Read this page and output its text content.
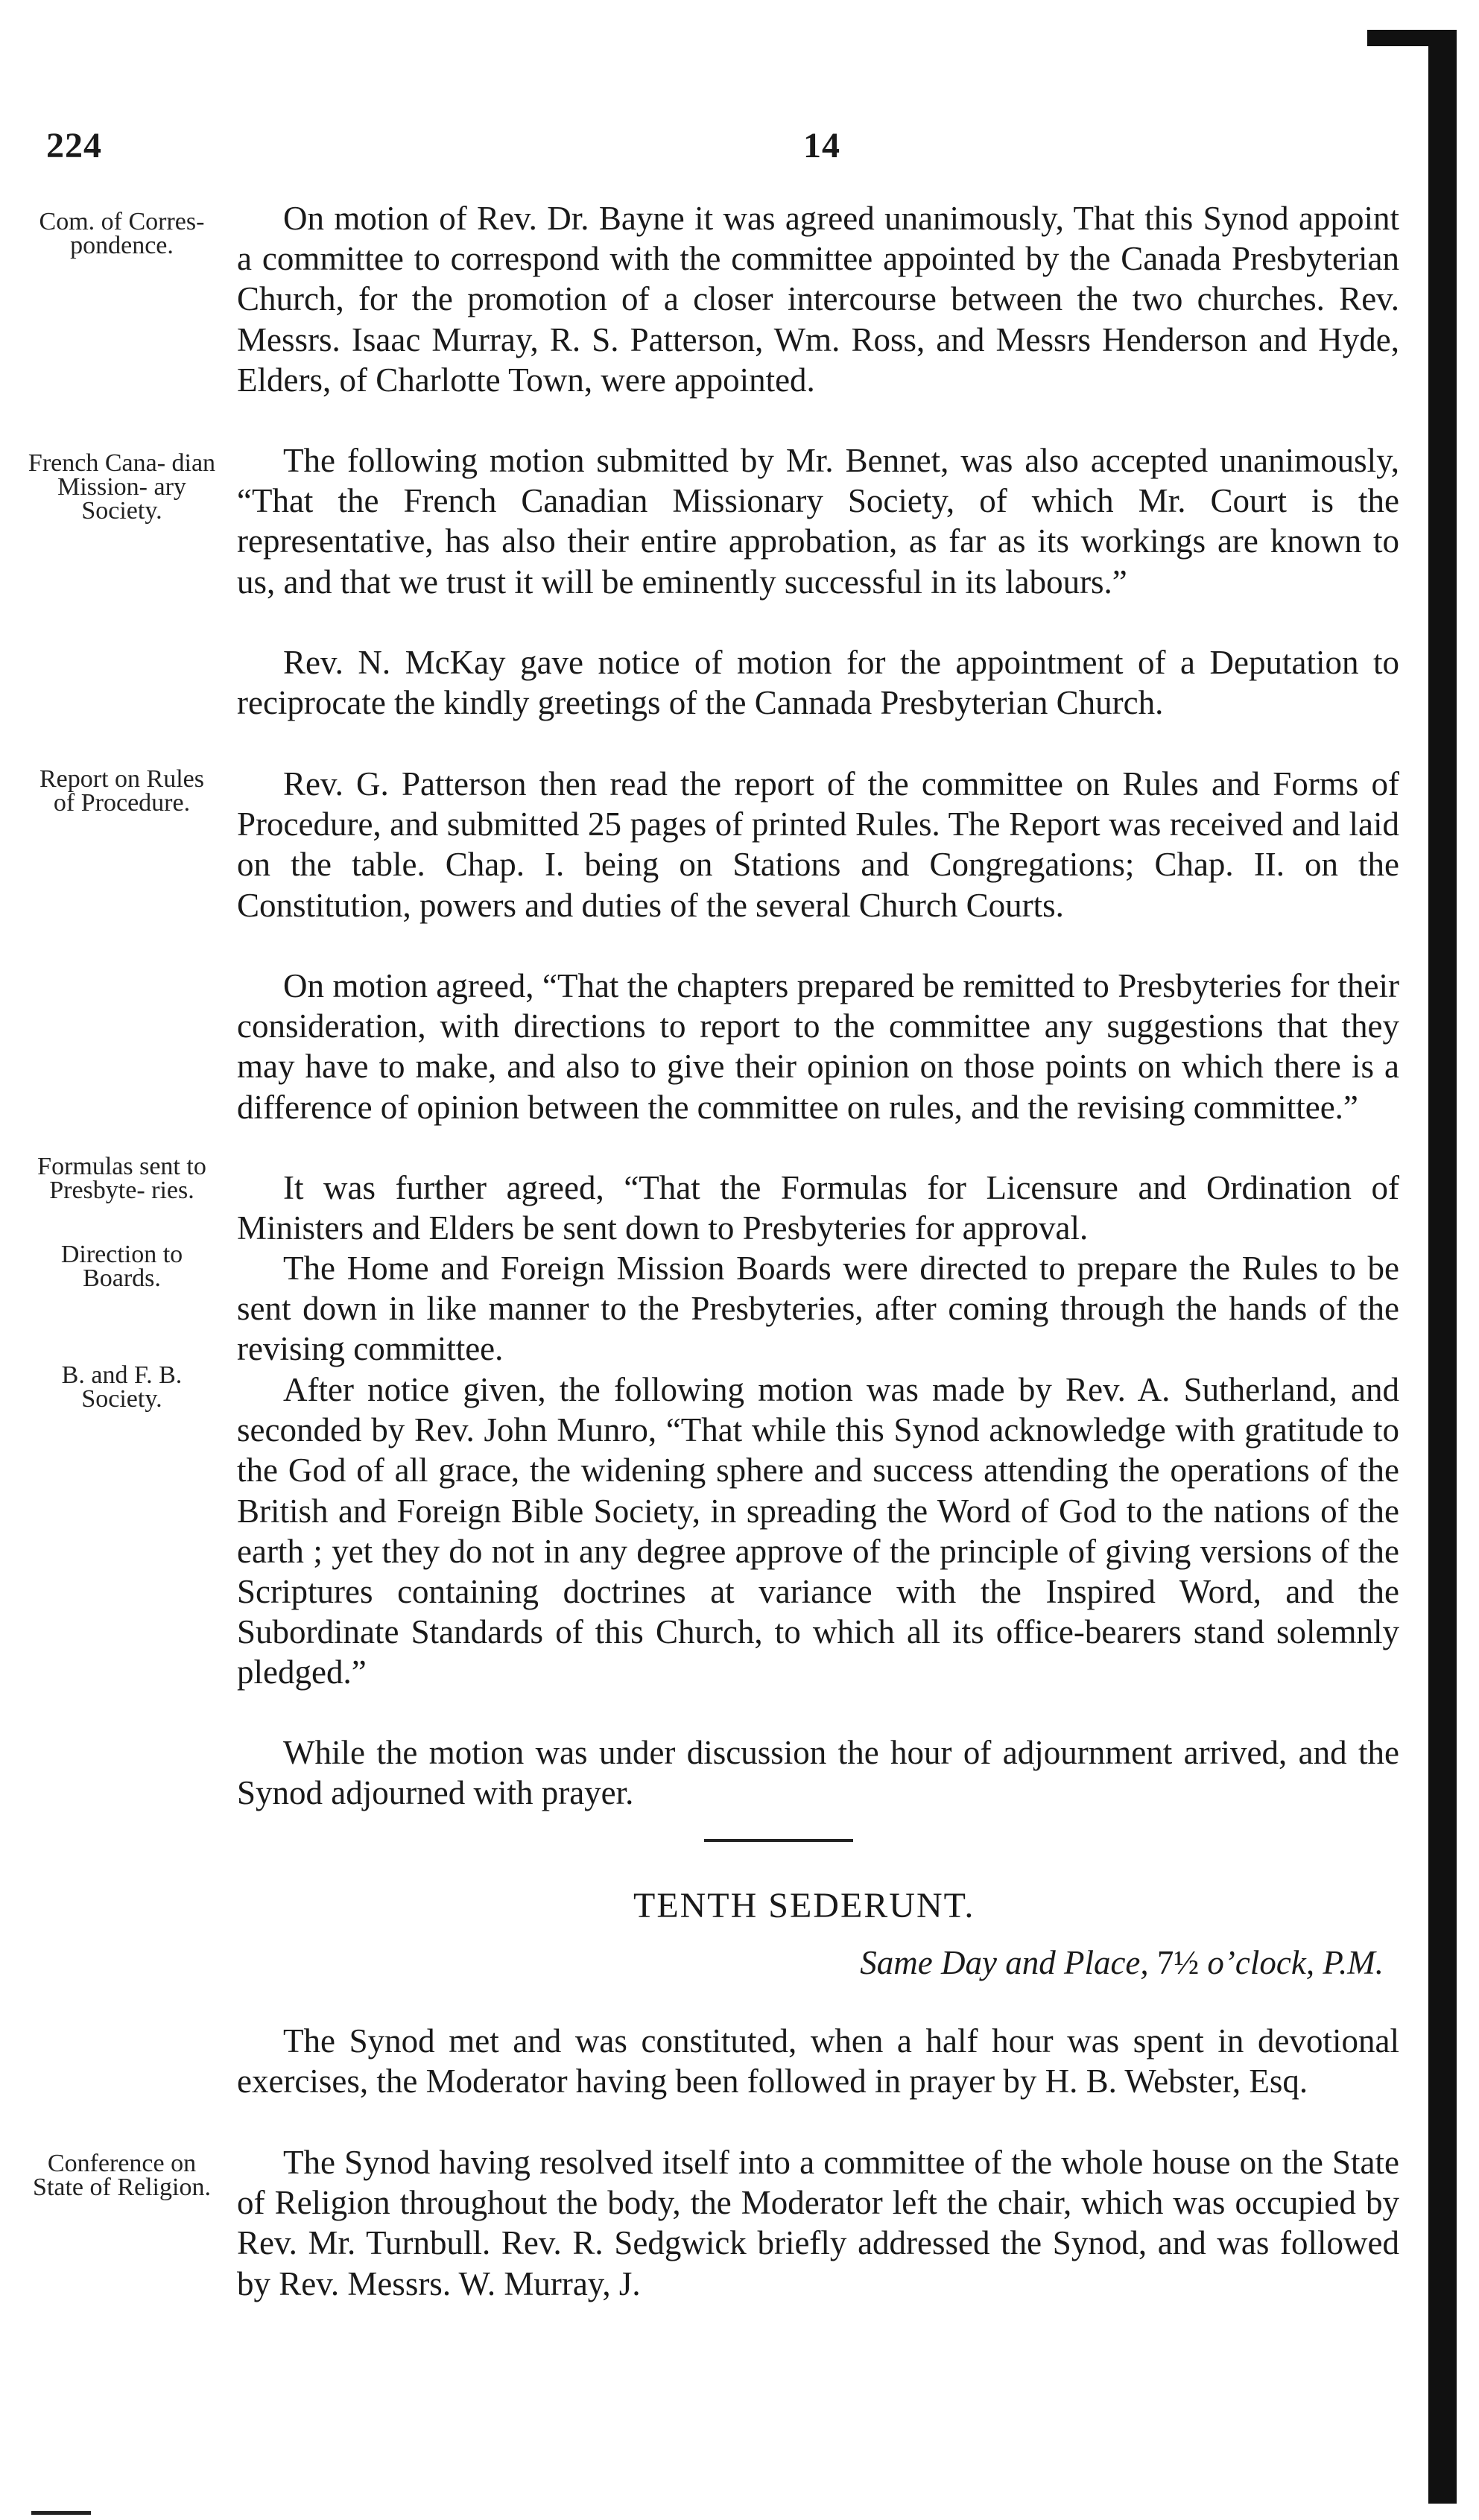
224	14
Com. of Corres- pondence.
French Cana- dian Mission- ary Society.
Report on Rules of Procedure.
Formulas sent to Presbyte- ries.
Direction to Boards.
B. and F. B. Society.
Conference on State of Religion.

On motion of Rev. Dr. Bayne it was agreed unanimously, That this Synod appoint a committee to correspond with the committee appointed by the Canada Presbyterian Church, for the promotion of a closer intercourse between the two churches. Rev. Messrs. Isaac Murray, R. S. Patterson, Wm. Ross, and Messrs Henderson and Hyde, Elders, of Charlotte Town, were appointed.

The following motion submitted by Mr. Bennet, was also accepted unanimously, “That the French Canadian Missionary Society, of which Mr. Court is the representative, has also their entire approbation, as far as its workings are known to us, and that we trust it will be eminently successful in its labours.”

Rev. N. McKay gave notice of motion for the appointment of a Deputation to reciprocate the kindly greetings of the Cannada Presbyterian Church.

Rev. G. Patterson then read the report of the committee on Rules and Forms of Procedure, and submitted 25 pages of printed Rules. The Report was received and laid on the table. Chap. I. being on Stations and Congregations; Chap. II. on the Constitution, powers and duties of the several Church Courts.

On motion agreed, “That the chapters prepared be remitted to Presbyteries for their consideration, with directions to report to the committee any suggestions that they may have to make, and also to give their opinion on those points on which there is a difference of opinion between the committee on rules, and the revising committee.”

It was further agreed, “That the Formulas for Licensure and Ordination of Ministers and Elders be sent down to Presbyteries for approval.

The Home and Foreign Mission Boards were directed to prepare the Rules to be sent down in like manner to the Presbyteries, after coming through the hands of the revising committee.

After notice given, the following motion was made by Rev. A. Sutherland, and seconded by Rev. John Munro, “That while this Synod acknowledge with gratitude to the God of all grace, the widening sphere and success attending the operations of the British and Foreign Bible Society, in spreading the Word of God to the nations of the earth ; yet they do not in any degree approve of the principle of giving versions of the Scriptures containing doctrines at variance with the Inspired Word, and the Subordinate Standards of this Church, to which all its office-bearers stand solemnly pledged.”

While the motion was under discussion the hour of adjournment arrived, and the Synod adjourned with prayer.

TENTH SEDERUNT.
Same Day and Place, 7½ o’clock, P.M.

The Synod met and was constituted, when a half hour was spent in devotional exercises, the Moderator having been followed in prayer by H. B. Webster, Esq.

The Synod having resolved itself into a committee of the whole house on the State of Religion throughout the body, the Moderator left the chair, which was occupied by Rev. Mr. Turnbull. Rev. R. Sedgwick briefly addressed the Synod, and was followed by Rev. Messrs. W. Murray, J.
